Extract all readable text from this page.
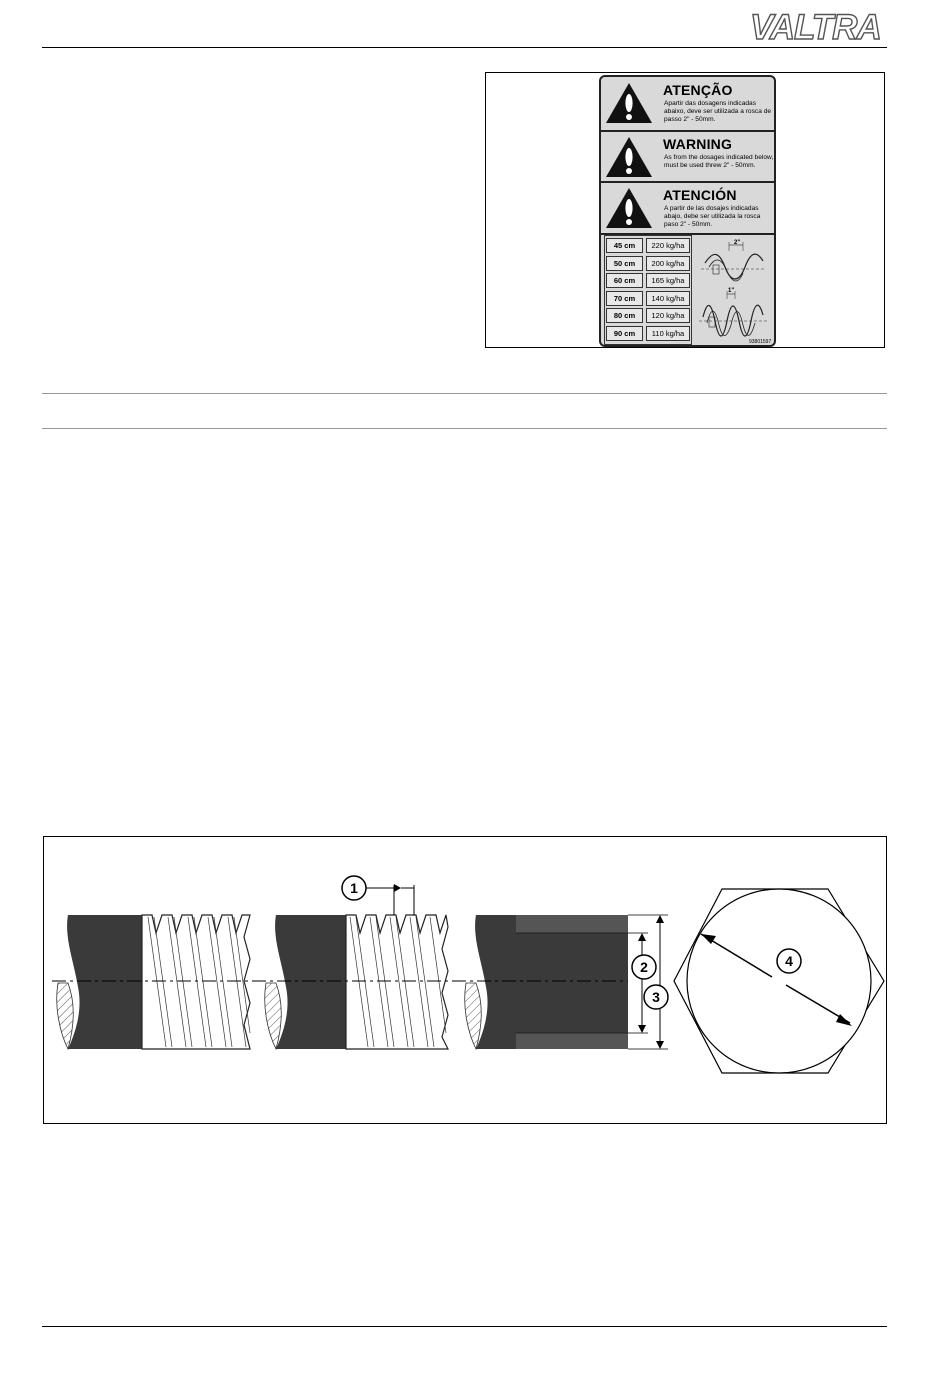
VALTRA
ATENÇÃO
Apartir das dosagens indicadas abaixo, deve ser utilizada a rosca de passo 2" - 50mm.
WARNING
As from the dosages indicated below, must be used threw 2" - 50mm.
ATENCIÓN
A partir de las dosajes indicadas abajo, debe ser utilizada la rosca paso 2" - 50mm.
45 cm	220 kg/ha
50 cm	200 kg/ha
60 cm	165 kg/ha
70 cm	140 kg/ha
80 cm	120 kg/ha
90 cm	110 kg/ha
2"
1"
93801597
1
2
3
4
